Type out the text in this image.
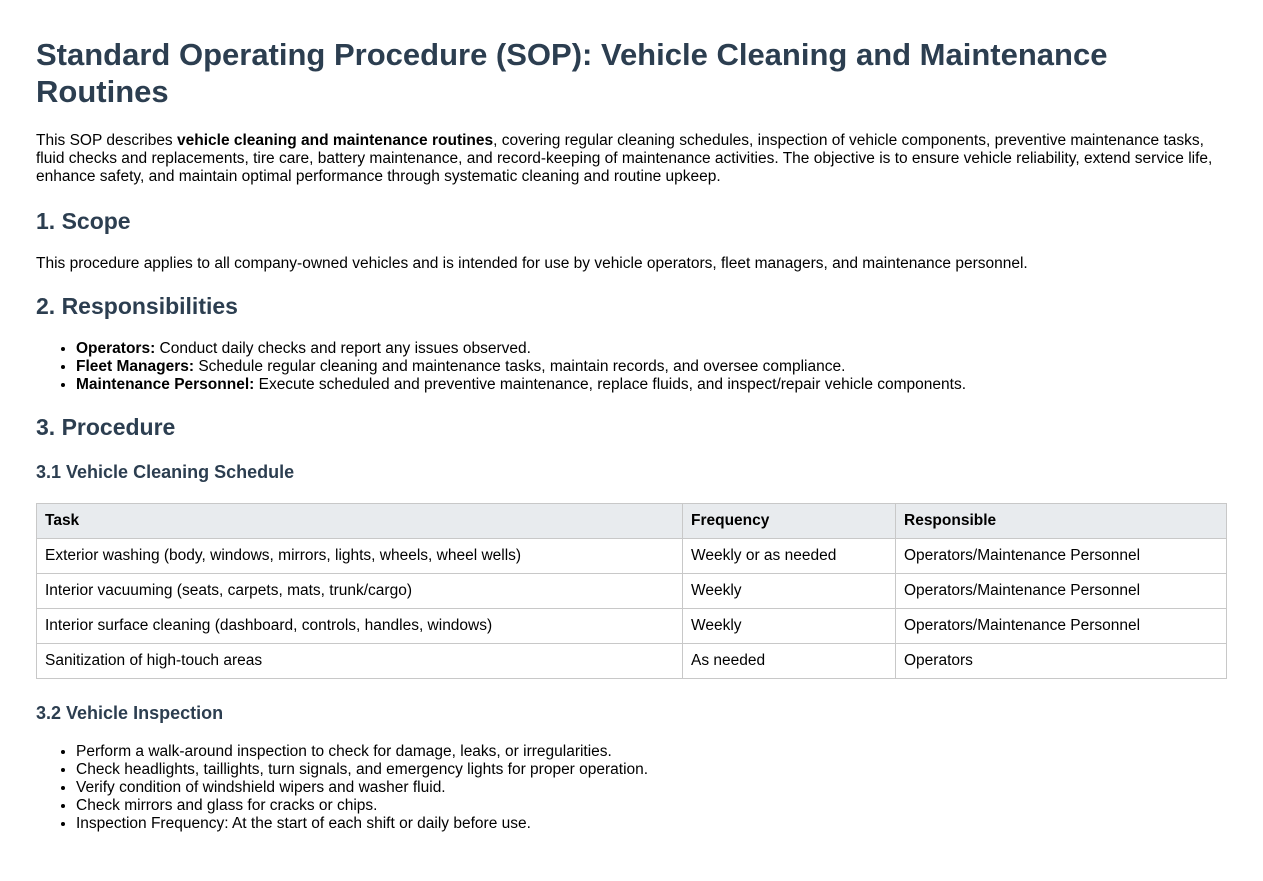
Standard Operating Procedure (SOP): Vehicle Cleaning and Maintenance Routines

This SOP describes vehicle cleaning and maintenance routines, covering regular cleaning schedules, inspection of vehicle components, preventive maintenance tasks, fluid checks and replacements, tire care, battery maintenance, and record-keeping of maintenance activities. The objective is to ensure vehicle reliability, extend service life, enhance safety, and maintain optimal performance through systematic cleaning and routine upkeep.

1. Scope

This procedure applies to all company-owned vehicles and is intended for use by vehicle operators, fleet managers, and maintenance personnel.

2. Responsibilities
• Operators: Conduct daily checks and report any issues observed.
• Fleet Managers: Schedule regular cleaning and maintenance tasks, maintain records, and oversee compliance.
• Maintenance Personnel: Execute scheduled and preventive maintenance, replace fluids, and inspect/repair vehicle components.
3. Procedure
3.1 Vehicle Cleaning Schedule
Task	Frequency	Responsible
Exterior washing (body, windows, mirrors, lights, wheels, wheel wells)	Weekly or as needed	Operators/Maintenance Personnel
Interior vacuuming (seats, carpets, mats, trunk/cargo)	Weekly	Operators/Maintenance Personnel
Interior surface cleaning (dashboard, controls, handles, windows)	Weekly	Operators/Maintenance Personnel
Sanitization of high-touch areas	As needed	Operators
3.2 Vehicle Inspection
• Perform a walk-around inspection to check for damage, leaks, or irregularities.
• Check headlights, taillights, turn signals, and emergency lights for proper operation.
• Verify condition of windshield wipers and washer fluid.
• Check mirrors and glass for cracks or chips.
• Inspection Frequency: At the start of each shift or daily before use.
